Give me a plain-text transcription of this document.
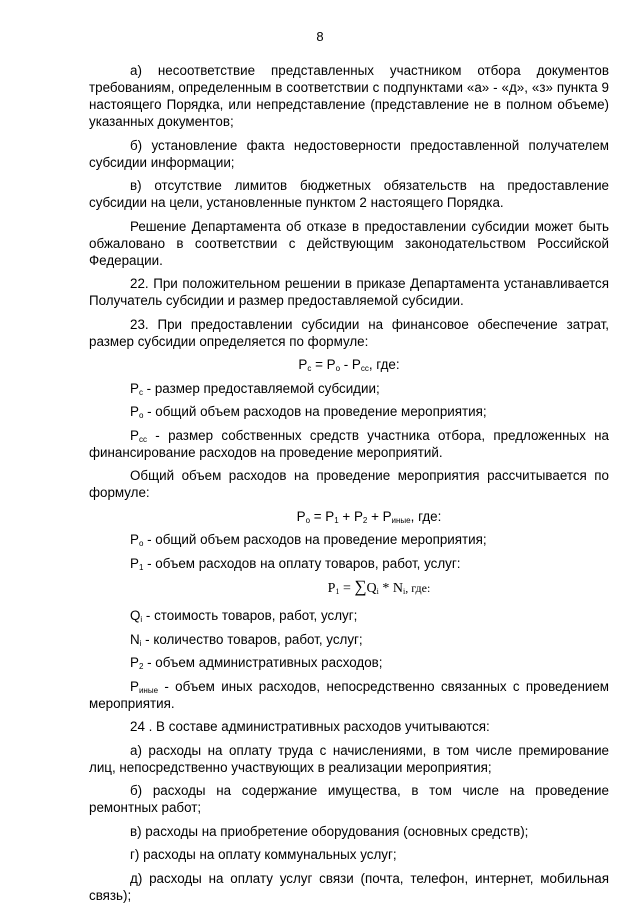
8

а) несоответствие представленных участником отбора документов требованиям, определенным в соответствии с подпунктами «а» - «д», «з» пункта 9 настоящего Порядка, или непредставление (представление не в полном объеме) указанных документов;

б) установление факта недостоверности предоставленной получателем субсидии информации;

в) отсутствие лимитов бюджетных обязательств на предоставление субсидии на цели, установленные пунктом 2 настоящего Порядка.

Решение Департамента об отказе в предоставлении субсидии может быть обжаловано в соответствии с действующим законодательством Российской Федерации.

22. При положительном решении в приказе Департамента устанавливается Получатель субсидии и размер предоставляемой субсидии.

23. При предоставлении субсидии на финансовое обеспечение затрат, размер субсидии определяется по формуле:

$P_c = P_o - P_{cc}$, где:

$P_c$ - размер предоставляемой субсидии;

$P_o$ - общий объем расходов на проведение мероприятия;

$P_{cc}$ - размер собственных средств участника отбора, предложенных на финансирование расходов на проведение мероприятий.

Общий объем расходов на проведение мероприятия рассчитывается по формуле:

$P_o = P_1 + P_2 + P_{иные}$, где:

$P_o$ - общий объем расходов на проведение мероприятия;

$P_1$ - объем расходов на оплату товаров, работ, услуг:

$P_1 = \sum Q_i * N_i$, где:

$Q_i$ - стоимость товаров, работ, услуг;

$N_i$ - количество товаров, работ, услуг;

$P_2$ - объем административных расходов;

$P_{иные}$ - объем иных расходов, непосредственно связанных с проведением мероприятия.

24 . В составе административных расходов учитываются:

а) расходы на оплату труда с начислениями, в том числе премирование лиц, непосредственно участвующих в реализации мероприятия;

б) расходы на содержание имущества, в том числе на проведение ремонтных работ;

в) расходы на приобретение оборудования (основных средств);

г) расходы на оплату коммунальных услуг;

д) расходы на оплату услуг связи (почта, телефон, интернет, мобильная связь);
